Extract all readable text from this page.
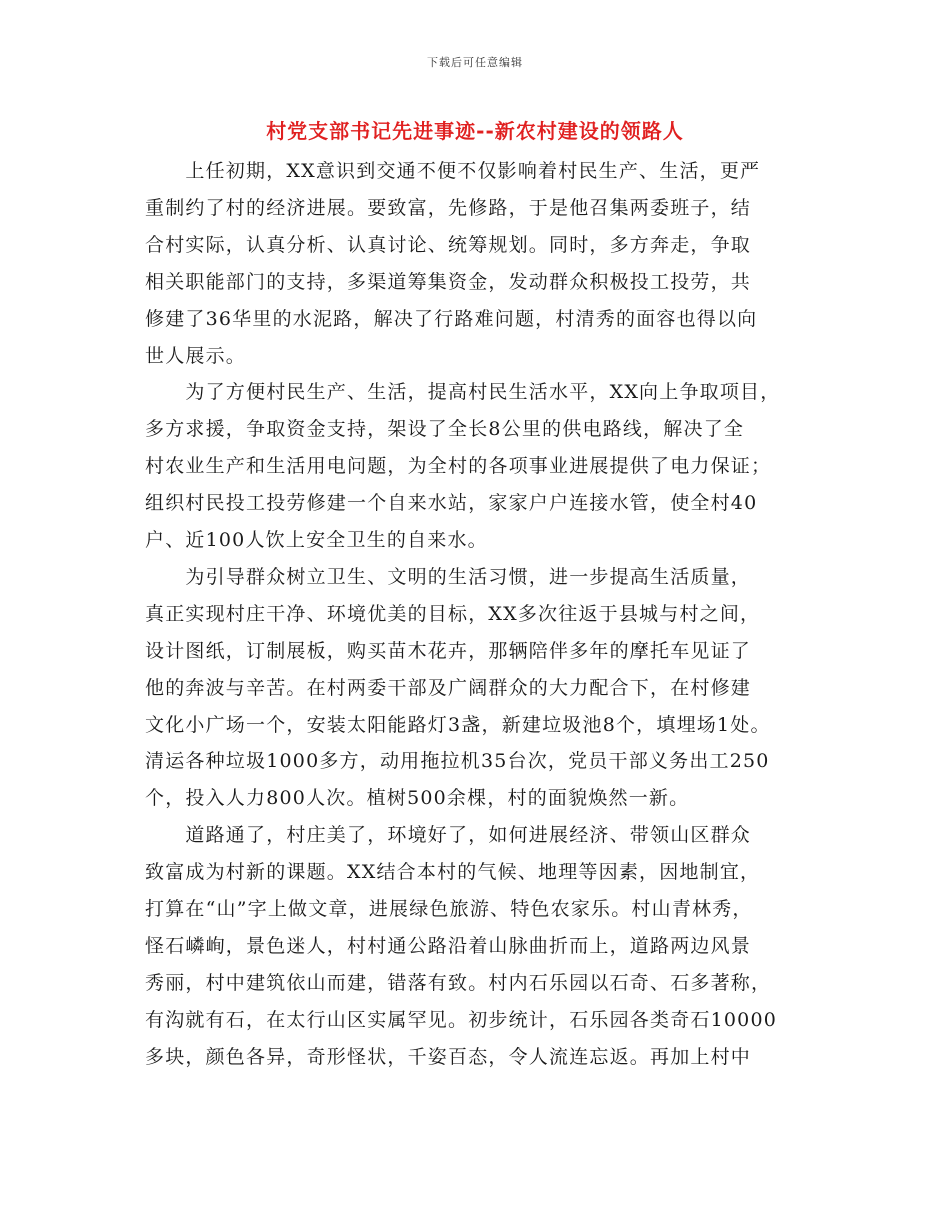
下载后可任意编辑
村党支部书记先进事迹--新农村建设的领路人
　　上任初期，XX意识到交通不便不仅影响着村民生产、生活，更严
重制约了村的经济进展。要致富，先修路，于是他召集两委班子，结
合村实际，认真分析、认真讨论、统筹规划。同时，多方奔走，争取
相关职能部门的支持，多渠道筹集资金，发动群众积极投工投劳，共
修建了36华里的水泥路，解决了行路难问题，村清秀的面容也得以向
世人展示。
　　为了方便村民生产、生活，提高村民生活水平，XX向上争取项目，
多方求援，争取资金支持，架设了全长8公里的供电路线，解决了全
村农业生产和生活用电问题，为全村的各项事业进展提供了电力保证；
组织村民投工投劳修建一个自来水站，家家户户连接水管，使全村40
户、近100人饮上安全卫生的自来水。
　　为引导群众树立卫生、文明的生活习惯，进一步提高生活质量，
真正实现村庄干净、环境优美的目标，XX多次往返于县城与村之间，
设计图纸，订制展板，购买苗木花卉，那辆陪伴多年的摩托车见证了
他的奔波与辛苦。在村两委干部及广阔群众的大力配合下，在村修建
文化小广场一个，安装太阳能路灯3盏，新建垃圾池8个，填埋场1处。
清运各种垃圾1000多方，动用拖拉机35台次，党员干部义务出工250
个，投入人力800人次。植树500余棵，村的面貌焕然一新。
　　道路通了，村庄美了，环境好了，如何进展经济、带领山区群众
致富成为村新的课题。XX结合本村的气候、地理等因素，因地制宜，
打算在“山”字上做文章，进展绿色旅游、特色农家乐。村山青林秀，
怪石嶙峋，景色迷人，村村通公路沿着山脉曲折而上，道路两边风景
秀丽，村中建筑依山而建，错落有致。村内石乐园以石奇、石多著称，
有沟就有石，在太行山区实属罕见。初步统计，石乐园各类奇石10000
多块，颜色各异，奇形怪状，千姿百态，令人流连忘返。再加上村中
